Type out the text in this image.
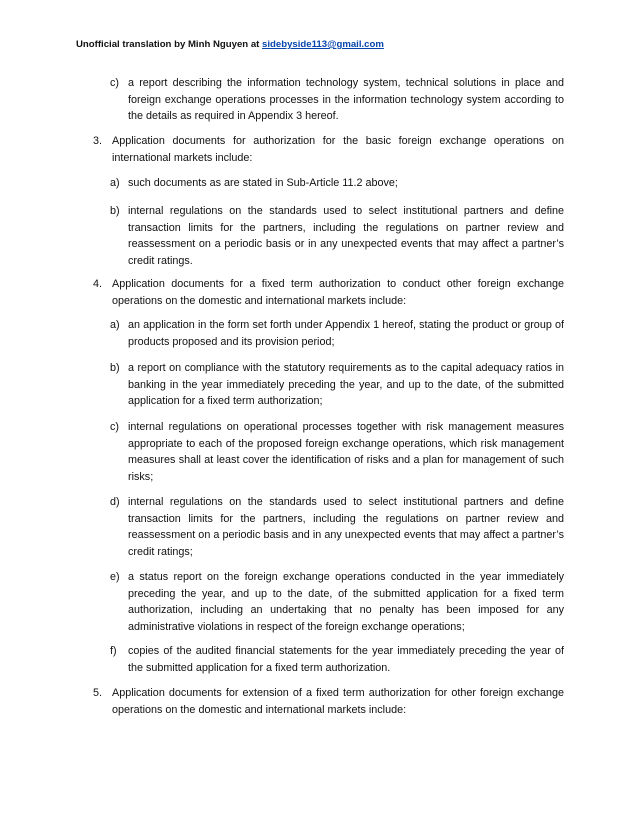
Unofficial translation by Minh Nguyen at sidebyside113@gmail.com
c) a report describing the information technology system, technical solutions in place and foreign exchange operations processes in the information technology system according to the details as required in Appendix 3 hereof.

3. Application documents for authorization for the basic foreign exchange operations on international markets include:

a) such documents as are stated in Sub-Article 11.2 above;

b) internal regulations on the standards used to select institutional partners and define transaction limits for the partners, including the regulations on partner review and reassessment on a periodic basis or in any unexpected events that may affect a partner’s credit ratings.

4. Application documents for a fixed term authorization to conduct other foreign exchange operations on the domestic and international markets include:

a) an application in the form set forth under Appendix 1 hereof, stating the product or group of products proposed and its provision period;

b) a report on compliance with the statutory requirements as to the capital adequacy ratios in banking in the year immediately preceding the year, and up to the date, of the submitted application for a fixed term authorization;

c) internal regulations on operational processes together with risk management measures appropriate to each of the proposed foreign exchange operations, which risk management measures shall at least cover the identification of risks and a plan for management of such risks;

d) internal regulations on the standards used to select institutional partners and define transaction limits for the partners, including the regulations on partner review and reassessment on a periodic basis and in any unexpected events that may affect a partner’s credit ratings;

e) a status report on the foreign exchange operations conducted in the year immediately preceding the year, and up to the date, of the submitted application for a fixed term authorization, including an undertaking that no penalty has been imposed for any administrative violations in respect of the foreign exchange operations;

f) copies of the audited financial statements for the year immediately preceding the year of the submitted application for a fixed term authorization.

5. Application documents for extension of a fixed term authorization for other foreign exchange operations on the domestic and international markets include:
